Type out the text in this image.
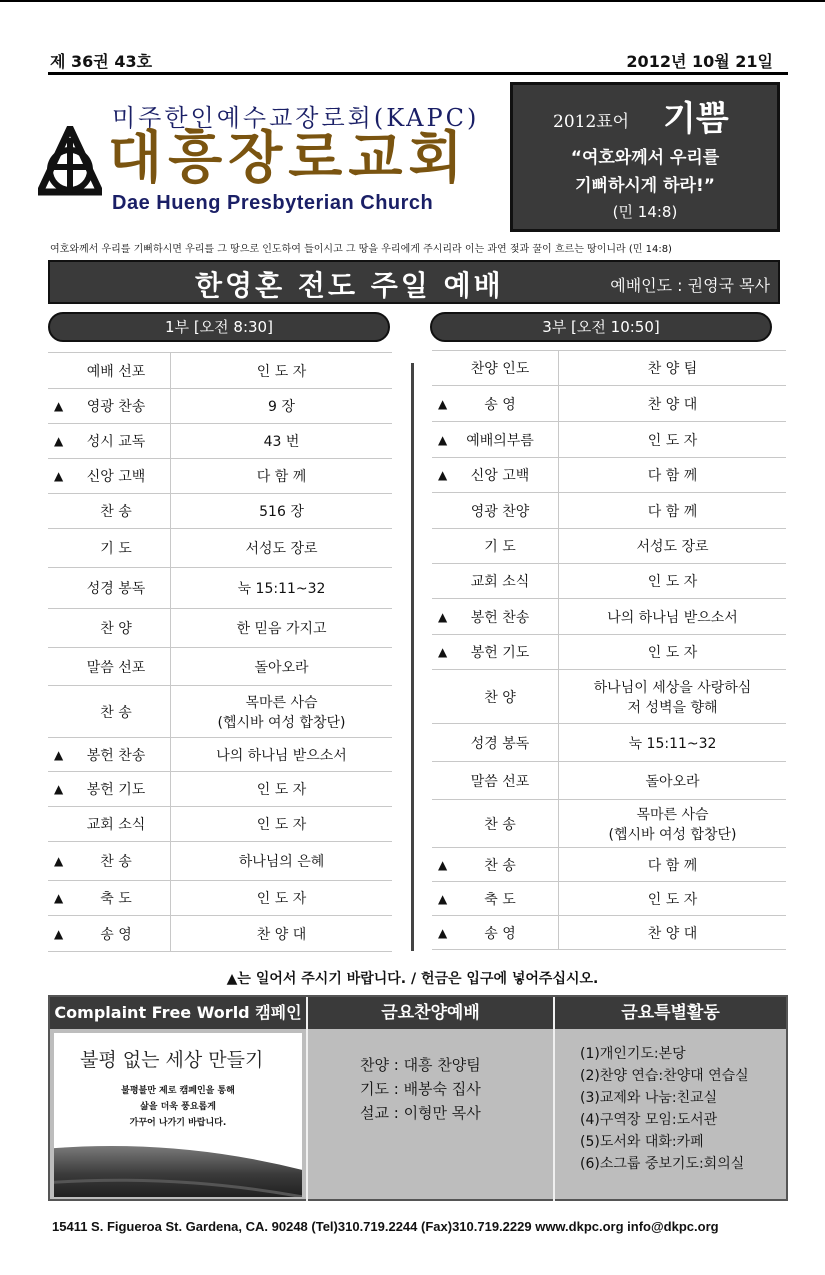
제 36권 43호	2012년 10월 21일
미주한인예수교장로회(KAPC)
대흥장로교회
Dae Hueng Presbyterian Church
2012표어 기쁨
“여호와께서 우리를
기뻐하시게 하라!”
(민 14:8)
여호와께서 우리를 기뻐하시면 우리를 그 땅으로 인도하여 들이시고 그 땅을 우리에게 주시리라 이는 과연 젖과 꿀이 흐르는 땅이니라 (민 14:8)
한영혼 전도 주일 예배	예배인도 : 권영국 목사
1부 [오전 8:30]	3부 [오전 10:50]
예배 선포	인 도 자

▲ 영광 찬송	9 장

▲ 성시 교독	43 번

▲ 신앙 고백	다 함 께

찬 송	516 장

기 도	서성도 장로

성경 봉독	눅 15:11~32

찬 양	한 믿음 가지고

말씀 선포	돌아오라

찬 송	목마른 사슴
(헵시바 여성 합창단)

▲ 봉헌 찬송	나의 하나님 받으소서

▲ 봉헌 기도	인 도 자

교회 소식	인 도 자

▲ 찬 송	하나님의 은혜

▲ 축 도	인 도 자

▲ 송 영	찬 양 대
찬양 인도	찬 양 팀

▲ 송 영	찬 양 대

▲ 예배의부름	인 도 자

▲ 신앙 고백	다 함 께

영광 찬양	다 함 께

기 도	서성도 장로

교회 소식	인 도 자

▲ 봉헌 찬송	나의 하나님 받으소서

▲ 봉헌 기도	인 도 자

찬 양	하나님이 세상을 사랑하심
저 성벽을 향해

성경 봉독	눅 15:11~32

말씀 선포	돌아오라

찬 송	목마른 사슴
(헵시바 여성 합창단)

▲ 찬 송	다 함 께

▲ 축 도	인 도 자

▲ 송 영	찬 양 대
▲는 일어서 주시기 바랍니다. / 헌금은 입구에 넣어주십시오.
Complaint Free World 캠페인	금요찬양예배	금요특별활동
불평 없는 세상 만들기
불평불만 제로 캠페인을 통해
삶을 더욱 풍요롭게
가꾸어 나가기 바랍니다.
찬양 : 대흥 찬양팀
기도 : 배봉숙 집사
설교 : 이형만 목사
(1)개인기도:본당
(2)찬양 연습:찬양대 연습실
(3)교제와 나눔:친교실
(4)구역장 모임:도서관
(5)도서와 대화:카페
(6)소그룹 중보기도:회의실
15411 S. Figueroa St. Gardena, CA. 90248 (Tel)310.719.2244 (Fax)310.719.2229 www.dkpc.org info@dkpc.org
